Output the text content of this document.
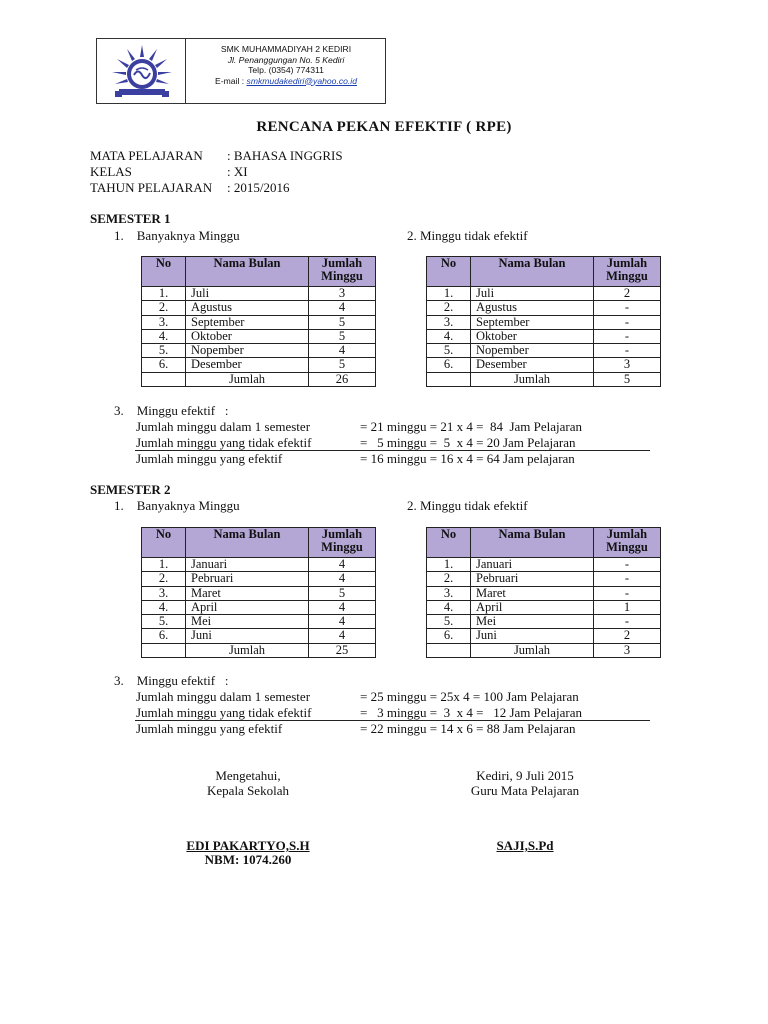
SMK MUHAMMADIYAH 2 KEDIRI
Jl. Penanggungan No. 5 Kediri
Telp. (0354) 774311
E-mail : smkmudakediri@yahoo.co.id
RENCANA PEKAN EFEKTIF ( RPE)
MATA PELAJARAN : BAHASA INGGRIS
KELAS	: XI
TAHUN PELAJARAN : 2015/2016
SEMESTER 1
1.    Banyaknya Minggu	2. Minggu tidak efektif
No	Nama Bulan	Jumlah Minggu
1.	Juli	3
2.	Agustus	4
3.	September	5
4.	Oktober	5
5.	Nopember	4
6.	Desember	5
	Jumlah	26
No	Nama Bulan	Jumlah Minggu
1.	Juli	2
2.	Agustus	-
3.	September	-
4.	Oktober	-
5.	Nopember	-
6.	Desember	3
	Jumlah	5
3.    Minggu efektif   :
Jumlah minggu dalam 1 semester	= 21 minggu = 21 x 4 =  84  Jam Pelajaran
Jumlah minggu yang tidak efektif	=   5 minggu =  5  x 4 = 20 Jam Pelajaran
Jumlah minggu yang efektif	= 16 minggu = 16 x 4 = 64 Jam pelajaran
SEMESTER 2
1.    Banyaknya Minggu	2. Minggu tidak efektif
No	Nama Bulan	Jumlah Minggu
1.	Januari	4
2.	Pebruari	4
3.	Maret	5
4.	April	4
5.	Mei	4
6.	Juni	4
	Jumlah	25
No	Nama Bulan	Jumlah Minggu
1.	Januari	-
2.	Pebruari	-
3.	Maret	-
4.	April	1
5.	Mei	-
6.	Juni	2
	Jumlah	3
3.    Minggu efektif   :
Jumlah minggu dalam 1 semester	= 25 minggu = 25x 4 = 100 Jam Pelajaran
Jumlah minggu yang tidak efektif	=   3 minggu =  3  x 4 =   12 Jam Pelajaran
Jumlah minggu yang efektif	= 22 minggu = 14 x 6 = 88 Jam Pelajaran
Mengetahui,
Kepala Sekolah
Kediri, 9 Juli 2015
Guru Mata Pelajaran
EDI PAKARTYO,S.H
NBM: 1074.260
SAJI,S.Pd
